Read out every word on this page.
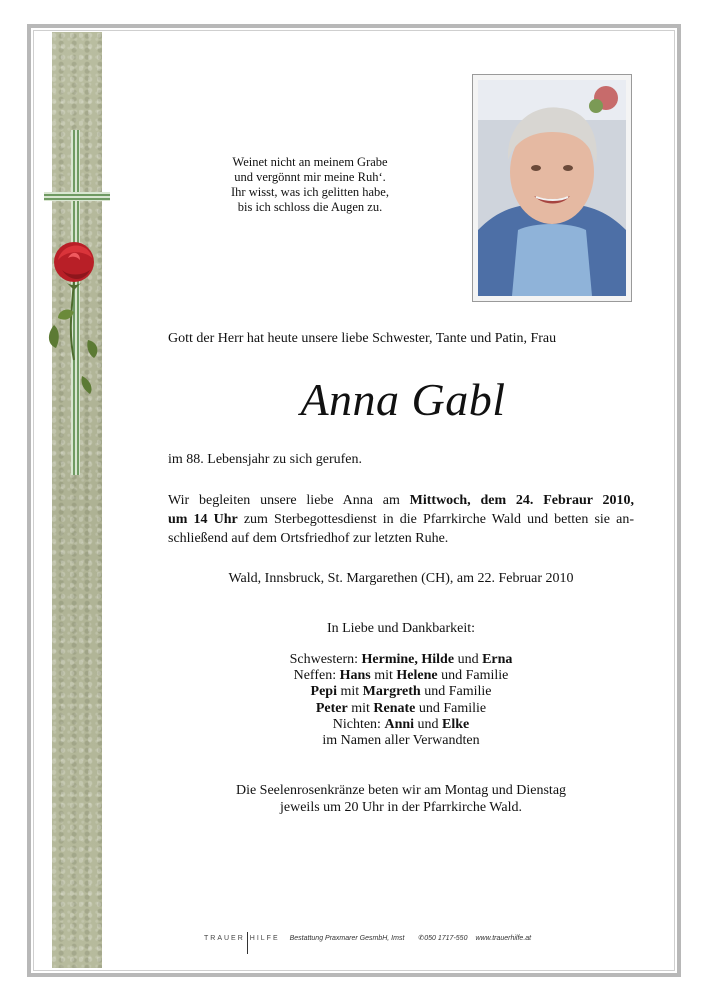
Weinet nicht an meinem Grabe
und vergönnt mir meine Ruh‘.
Ihr wisst, was ich gelitten habe,
bis ich schloss die Augen zu.
Gott der Herr hat heute unsere liebe Schwester, Tante und Patin, Frau
Anna Gabl
im 88. Lebensjahr zu sich gerufen.
Wir begleiten unsere liebe Anna am Mittwoch, dem 24. Febraur 2010,
um 14 Uhr zum Sterbegottesdienst in die Pfarrkirche Wald und betten sie an-
schließend auf dem Ortsfriedhof zur letzten Ruhe.
Wald, Innsbruck, St. Margarethen (CH), am 22. Februar 2010
In Liebe und Dankbarkeit:
Schwestern: Hermine, Hilde und Erna
Neffen: Hans mit Helene und Familie
Pepi mit Margreth und Familie
Peter mit Renate und Familie
Nichten: Anni und Elke
im Namen aller Verwandten
Die Seelenrosenkränze beten wir am Montag und Dienstag
jeweils um 20 Uhr in der Pfarrkirche Wald.
TRAUER HILFE Bestattung Praxmarer GesmbH, Imst ✆050 1717-550 www.trauerhilfe.at
